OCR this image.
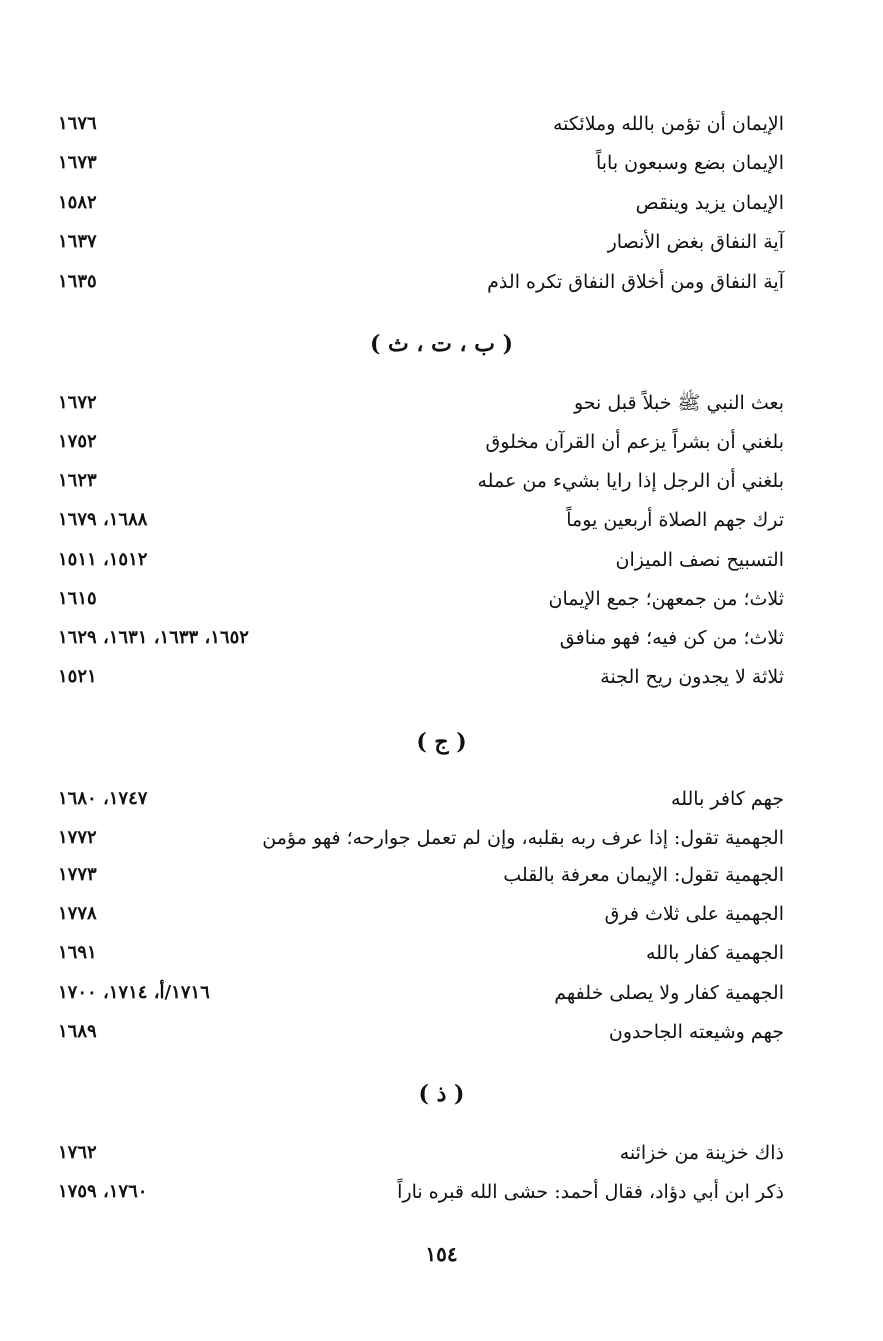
الإيمان أن تؤمن بالله وملائكته
١٦٧٦
الإيمان بضع وسبعون باباً
١٦٧٣
الإيمان يزيد وينقص
١٥٨٢
آية النفاق بغض الأنصار
١٦٣٧
آية النفاق ومن أخلاق النفاق تكره الذم
١٦٣٥
( ب ، ت ، ث )
بعث النبي ﷺ خبلاً قبل نحو
١٦٧٢
بلغني أن بشراً يزعم أن القرآن مخلوق
١٧٥٢
بلغني أن الرجل إذا رايا بشيء من عمله
١٦٢٣
ترك جهم الصلاة أربعين يوماً
١٦٨٨، ١٦٧٩
التسبيح نصف الميزان
١٥١٢، ١٥١١
ثلاث؛ من جمعهن؛ جمع الإيمان
١٦١٥
ثلاث؛ من كن فيه؛ فهو منافق
١٦٥٢، ١٦٣٣، ١٦٣١، ١٦٢٩
ثلاثة لا يجدون ريح الجنة
١٥٢١
( ج )
جهم كافر بالله
١٧٤٧، ١٦٨٠
الجهمية تقول: إذا عرف ربه بقلبه، وإن لم تعمل جوارحه؛ فهو مؤمن
١٧٧٢
الجهمية تقول: الإيمان معرفة بالقلب
١٧٧٣
الجهمية على ثلاث فرق
١٧٧٨
الجهمية كفار بالله
١٦٩١
الجهمية كفار ولا يصلى خلفهم
١٧١٦/أ، ١٧١٤، ١٧٠٠
جهم وشيعته الجاحدون
١٦٨٩
( ذ )
ذاك خزينة من خزائنه
١٧٦٢
ذكر ابن أبي دؤاد، فقال أحمد: حشى الله قبره ناراً
١٧٦٠، ١٧٥٩
١٥٤
